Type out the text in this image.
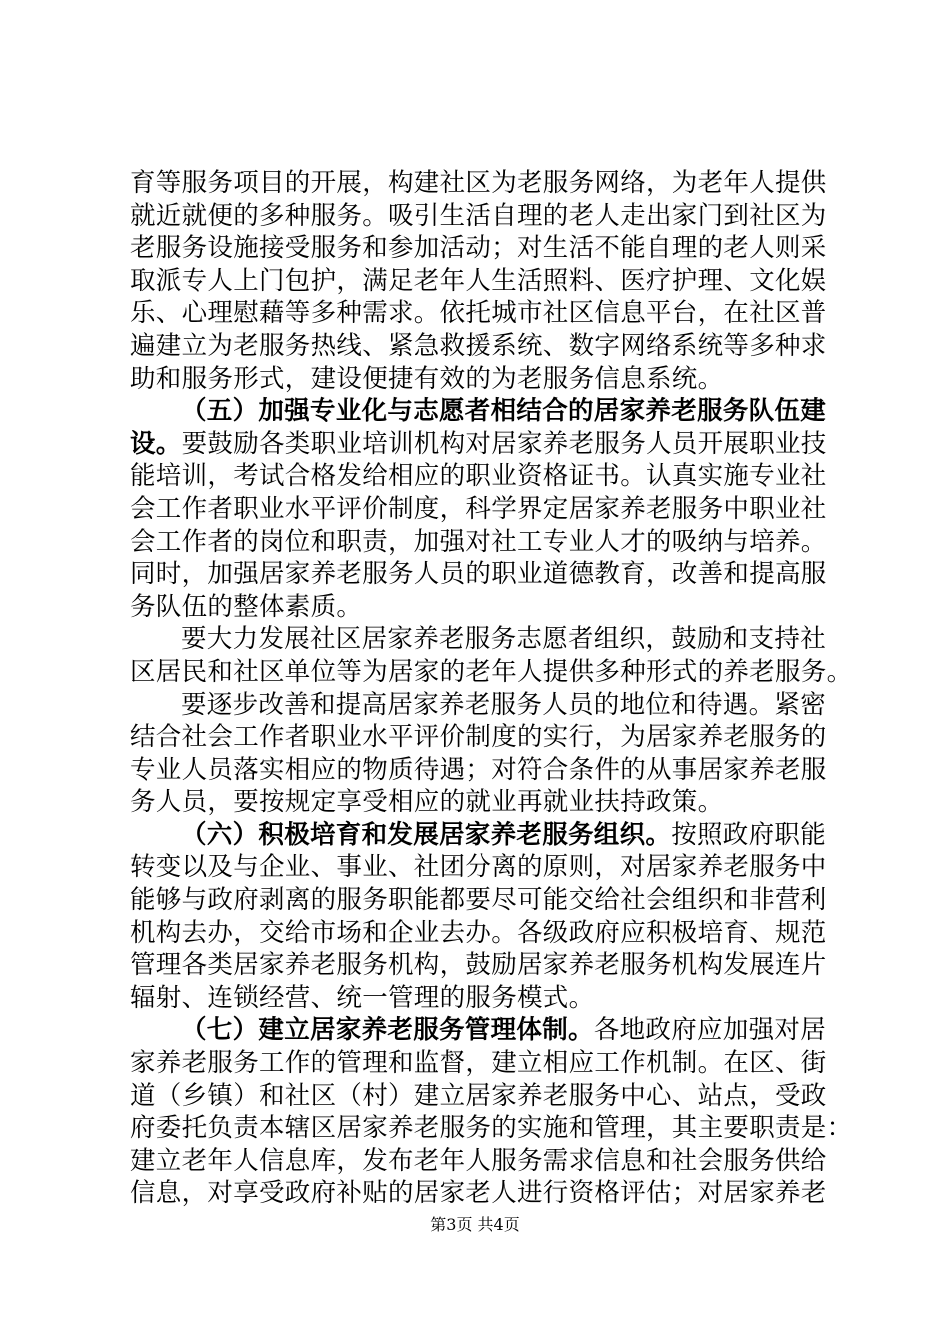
育等服务项目的开展，构建社区为老服务网络，为老年人提供
就近就便的多种服务。吸引生活自理的老人走出家门到社区为
老服务设施接受服务和参加活动；对生活不能自理的老人则采
取派专人上门包护，满足老年人生活照料、医疗护理、文化娱
乐、心理慰藉等多种需求。依托城市社区信息平台，在社区普
遍建立为老服务热线、紧急救援系统、数字网络系统等多种求
助和服务形式，建设便捷有效的为老服务信息系统。
（五）加强专业化与志愿者相结合的居家养老服务队伍建
设。要鼓励各类职业培训机构对居家养老服务人员开展职业技
能培训，考试合格发给相应的职业资格证书。认真实施专业社
会工作者职业水平评价制度，科学界定居家养老服务中职业社
会工作者的岗位和职责，加强对社工专业人才的吸纳与培养。
同时，加强居家养老服务人员的职业道德教育，改善和提高服
务队伍的整体素质。
要大力发展社区居家养老服务志愿者组织，鼓励和支持社
区居民和社区单位等为居家的老年人提供多种形式的养老服务。
要逐步改善和提高居家养老服务人员的地位和待遇。紧密
结合社会工作者职业水平评价制度的实行，为居家养老服务的
专业人员落实相应的物质待遇；对符合条件的从事居家养老服
务人员，要按规定享受相应的就业再就业扶持政策。
（六）积极培育和发展居家养老服务组织。按照政府职能
转变以及与企业、事业、社团分离的原则，对居家养老服务中
能够与政府剥离的服务职能都要尽可能交给社会组织和非营利
机构去办，交给市场和企业去办。各级政府应积极培育、规范
管理各类居家养老服务机构，鼓励居家养老服务机构发展连片
辐射、连锁经营、统一管理的服务模式。
（七）建立居家养老服务管理体制。各地政府应加强对居
家养老服务工作的管理和监督，建立相应工作机制。在区、街
道（乡镇）和社区（村）建立居家养老服务中心、站点，受政
府委托负责本辖区居家养老服务的实施和管理，其主要职责是：
建立老年人信息库，发布老年人服务需求信息和社会服务供给
信息，对享受政府补贴的居家老人进行资格评估；对居家养老
第3页 共4页
